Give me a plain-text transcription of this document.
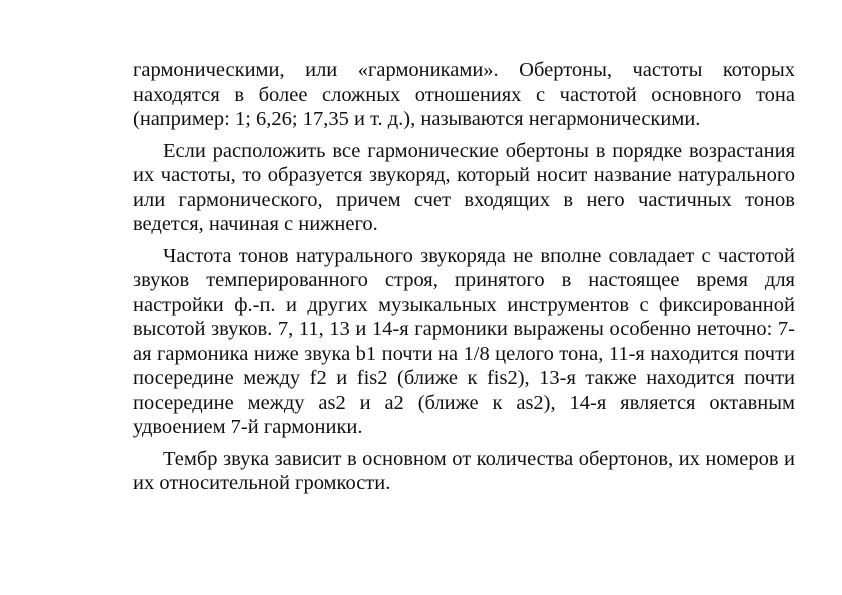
гармоническими, или «гармониками». Обертоны, частоты которых находятся в более сложных отношениях с частотой основного тона (например: 1; 6,26; 17,35 и т. д.), называются негармоническими.

Если расположить все гармонические обертоны в порядке возрастания их частоты, то образуется звукоряд, который носит название натурального или гармонического, причем счет входящих в него частичных тонов ведется, начиная с нижнего.

Частота тонов натурального звукоряда не вполне совладает с частотой звуков темперированного строя, принятого в настоящее время для настройки ф.-п. и других музыкальных инструментов с фиксированной высотой звуков. 7, 11, 13 и 14-я гармоники выражены особенно неточно: 7-ая гармоника ниже звука b1 почти на 1/8 целого тона, 11-я находится почти посередине между f2 и fis2 (ближе к fis2), 13-я также находится почти посередине между as2 и a2 (ближе к as2), 14-я является октавным удвоением 7-й гармоники.

Тембр звука зависит в основном от количества обертонов, их номеров и их относительной громкости.
